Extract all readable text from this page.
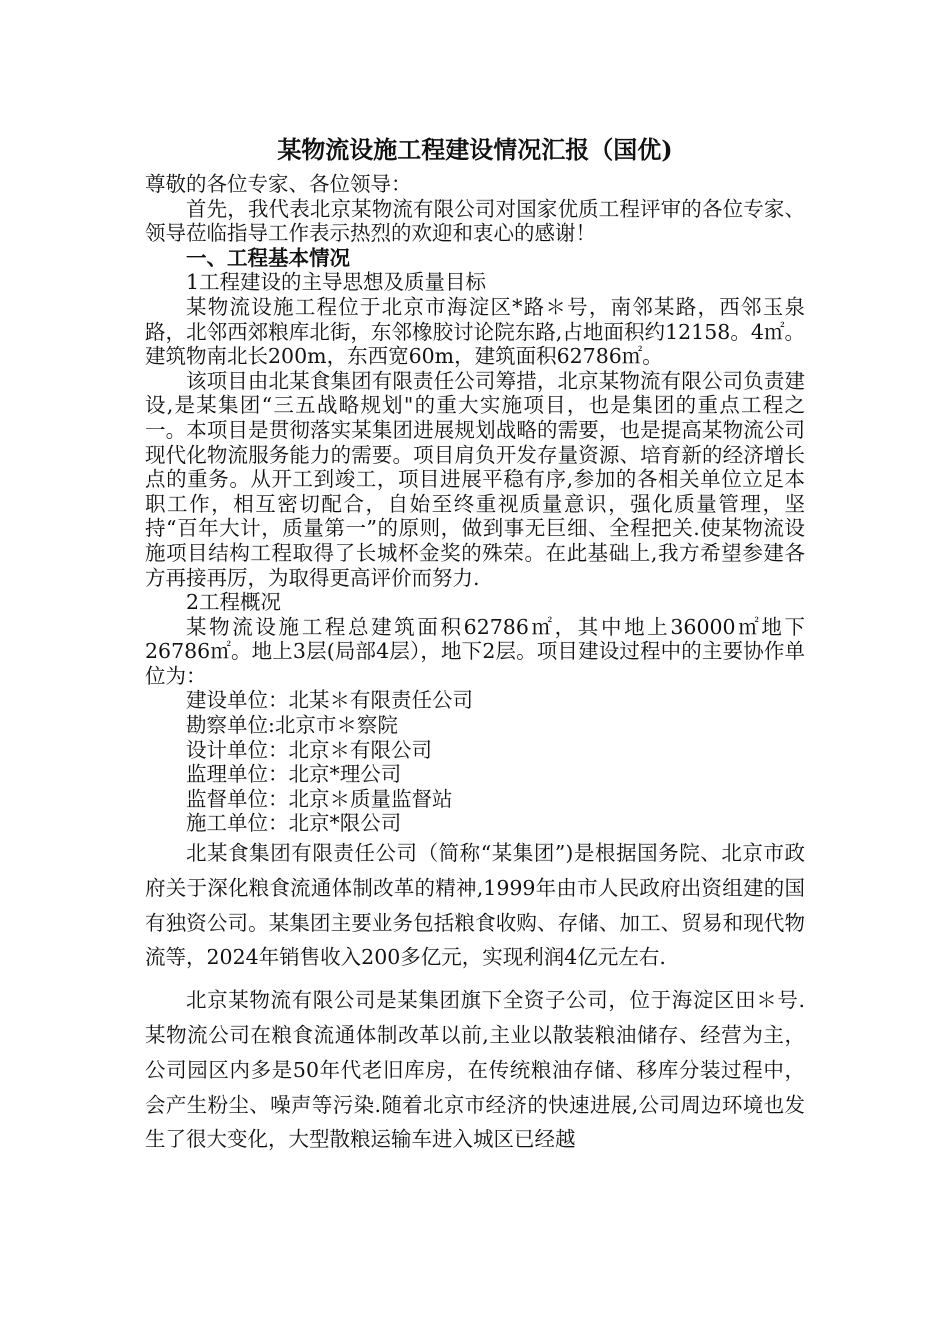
某物流设施工程建设情况汇报（国优)

尊敬的各位专家、各位领导：

首先，我代表北京某物流有限公司对国家优质工程评审的各位专家、领导莅临指导工作表示热烈的欢迎和衷心的感谢！

一、工程基本情况

1工程建设的主导思想及质量目标

某物流设施工程位于北京市海淀区*路＊号，南邻某路，西邻玉泉路，北邻西郊粮库北街，东邻橡胶讨论院东路,占地面积约12158。4㎡。建筑物南北长200m，东西宽60m，建筑面积62786㎡。

该项目由北某食集团有限责任公司筹措，北京某物流有限公司负责建设,是某集团“三五战略规划"的重大实施项目，也是集团的重点工程之一。本项目是贯彻落实某集团进展规划战略的需要，也是提高某物流公司现代化物流服务能力的需要。项目肩负开发存量资源、培育新的经济增长点的重务。从开工到竣工，项目进展平稳有序,参加的各相关单位立足本职工作，相互密切配合，自始至终重视质量意识，强化质量管理，坚持“百年大计，质量第一”的原则，做到事无巨细、全程把关.使某物流设施项目结构工程取得了长城杯金奖的殊荣。在此基础上,我方希望参建各方再接再厉，为取得更高评价而努力.

2工程概况

某物流设施工程总建筑面积62786㎡，其中地上36000㎡地下26786㎡。地上3层(局部4层），地下2层。项目建设过程中的主要协作单位为：

建设单位：北某＊有限责任公司

勘察单位:北京市＊察院

设计单位：北京＊有限公司

监理单位：北京*理公司

监督单位：北京＊质量监督站

施工单位：北京*限公司

北某食集团有限责任公司（简称“某集团”)是根据国务院、北京市政府关于深化粮食流通体制改革的精神,1999年由市人民政府出资组建的国有独资公司。某集团主要业务包括粮食收购、存储、加工、贸易和现代物流等，2024年销售收入200多亿元，实现利润4亿元左右.

北京某物流有限公司是某集团旗下全资子公司，位于海淀区田＊号.某物流公司在粮食流通体制改革以前,主业以散装粮油储存、经营为主，公司园区内多是50年代老旧库房，在传统粮油存储、移库分装过程中，会产生粉尘、噪声等污染.随着北京市经济的快速进展,公司周边环境也发生了很大变化，大型散粮运输车进入城区已经越
